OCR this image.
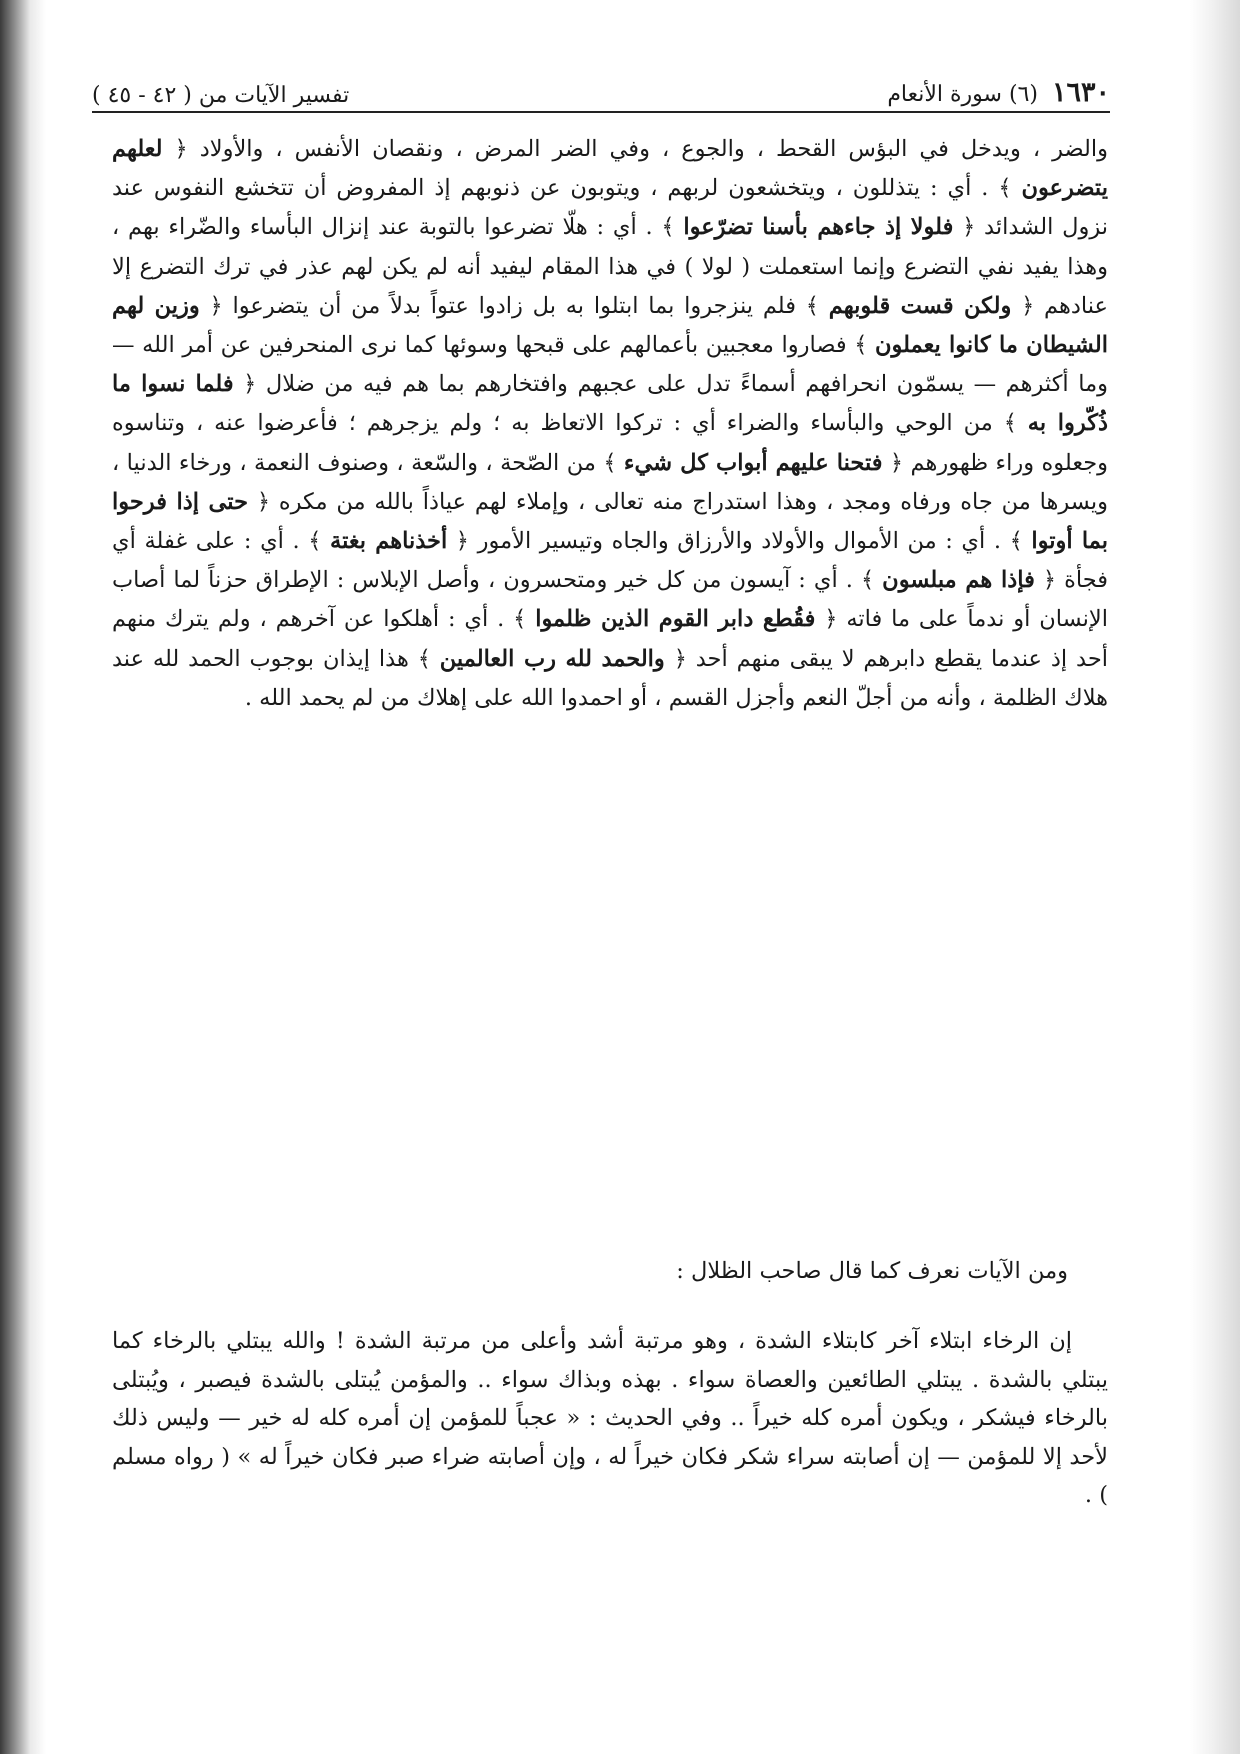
١٦٣٠
(٦) سورة الأنعام
تفسير الآيات من ( ٤٢ - ٤٥ )

والضر ، ويدخل في البؤس القحط ، والجوع ، وفي الضر المرض ، ونقصان الأنفس ، والأولاد ﴿ لعلهم يتضرعون ﴾ . أي : يتذللون ، ويتخشعون لربهم ، ويتوبون عن ذنوبهم إذ المفروض أن تتخشع النفوس عند نزول الشدائد ﴿ فلولا إذ جاءهم بأسنا تضرّعوا ﴾ . أي : هلّا تضرعوا بالتوبة عند إنزال البأساء والضّراء بهم ، وهذا يفيد نفي التضرع وإنما استعملت ( لولا ) في هذا المقام ليفيد أنه لم يكن لهم عذر في ترك التضرع إلا عنادهم ﴿ ولكن قست قلوبهم ﴾ فلم ينزجروا بما ابتلوا به بل زادوا عتواً بدلاً من أن يتضرعوا ﴿ وزين لهم الشيطان ما كانوا يعملون ﴾ فصاروا معجبين بأعمالهم على قبحها وسوئها كما نرى المنحرفين عن أمر الله — وما أكثرهم — يسمّون انحرافهم أسماءً تدل على عجبهم وافتخارهم بما هم فيه من ضلال ﴿ فلما نسوا ما ذُكّروا به ﴾ من الوحي والبأساء والضراء أي : تركوا الاتعاظ به ؛ ولم يزجرهم ؛ فأعرضوا عنه ، وتناسوه وجعلوه وراء ظهورهم ﴿ فتحنا عليهم أبواب كل شيء ﴾ من الصّحة ، والسّعة ، وصنوف النعمة ، ورخاء الدنيا ، ويسرها من جاه ورفاه ومجد ، وهذا استدراج منه تعالى ، وإملاء لهم عياذاً بالله من مكره ﴿ حتى إذا فرحوا بما أوتوا ﴾ . أي : من الأموال والأولاد والأرزاق والجاه وتيسير الأمور ﴿ أخذناهم بغتة ﴾ . أي : على غفلة أي فجأة ﴿ فإذا هم مبلسون ﴾ . أي : آيسون من كل خير ومتحسرون ، وأصل الإبلاس : الإطراق حزناً لما أصاب الإنسان أو ندماً على ما فاته ﴿ فقُطع دابر القوم الذين ظلموا ﴾ . أي : أهلكوا عن آخرهم ، ولم يترك منهم أحد إذ عندما يقطع دابرهم لا يبقى منهم أحد ﴿ والحمد لله رب العالمين ﴾ هذا إيذان بوجوب الحمد لله عند هلاك الظلمة ، وأنه من أجلّ النعم وأجزل القسم ، أو احمدوا الله على إهلاك من لم يحمد الله .

ومن الآيات نعرف كما قال صاحب الظلال :

إن الرخاء ابتلاء آخر كابتلاء الشدة ، وهو مرتبة أشد وأعلى من مرتبة الشدة ! والله يبتلي بالرخاء كما يبتلي بالشدة . يبتلي الطائعين والعصاة سواء . بهذه وبذاك سواء .. والمؤمن يُبتلى بالشدة فيصبر ، ويُبتلى بالرخاء فيشكر ، ويكون أمره كله خيراً .. وفي الحديث : « عجباً للمؤمن إن أمره كله له خير — وليس ذلك لأحد إلا للمؤمن — إن أصابته سراء شكر فكان خيراً له ، وإن أصابته ضراء صبر فكان خيراً له » ( رواه مسلم ) .
